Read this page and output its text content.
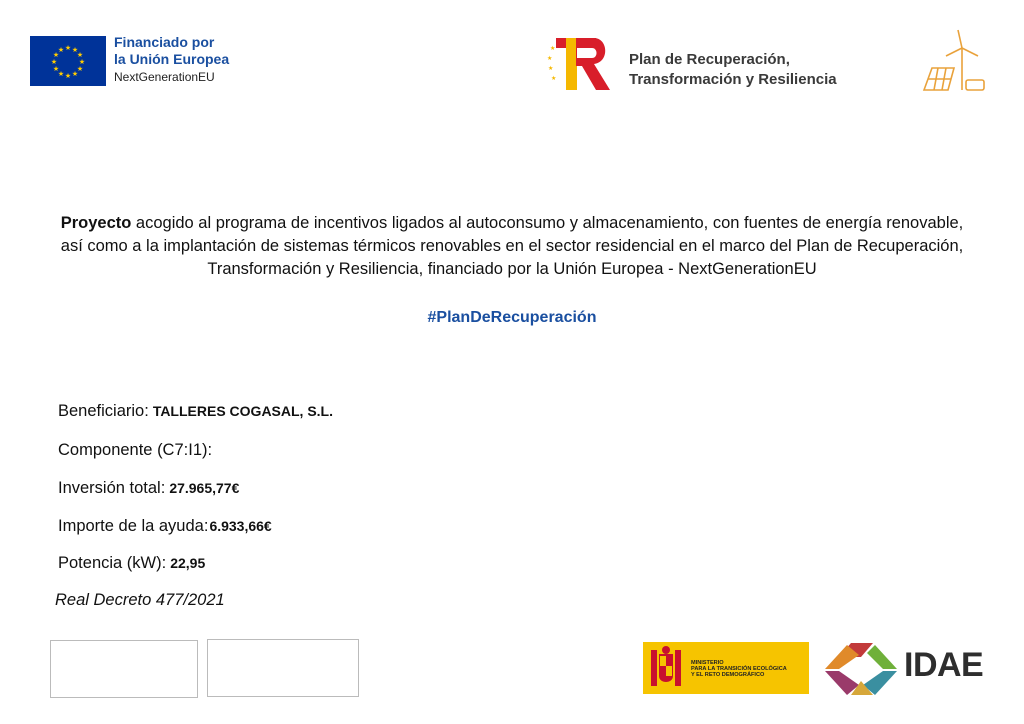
★ ★
★
★
★
★
★
★
★
★
★
★	Financiado por
la Unión Europea
NextGenerationEU
★
★
★
★
Plan de Recuperación,
Transformación y Resiliencia
Proyecto acogido al programa de incentivos ligados al autoconsumo y almacenamiento, con fuentes de energía renovable, así como a la implantación de sistemas térmicos renovables en el sector residencial en el marco del Plan de Recuperación, Transformación y Resiliencia, financiado por la Unión Europea - NextGenerationEU
#PlanDeRecuperación
Beneficiario: TALLERES COGASAL, S.L.
Componente (C7:I1):
Inversión total: 27.965,77€
Importe de la ayuda:6.933,66€
Potencia (kW): 22,95
Real Decreto 477/2021
MINISTERIO
PARA LA TRANSICIÓN ECOLÓGICA
Y EL RETO DEMOGRÁFICO	IDAE
